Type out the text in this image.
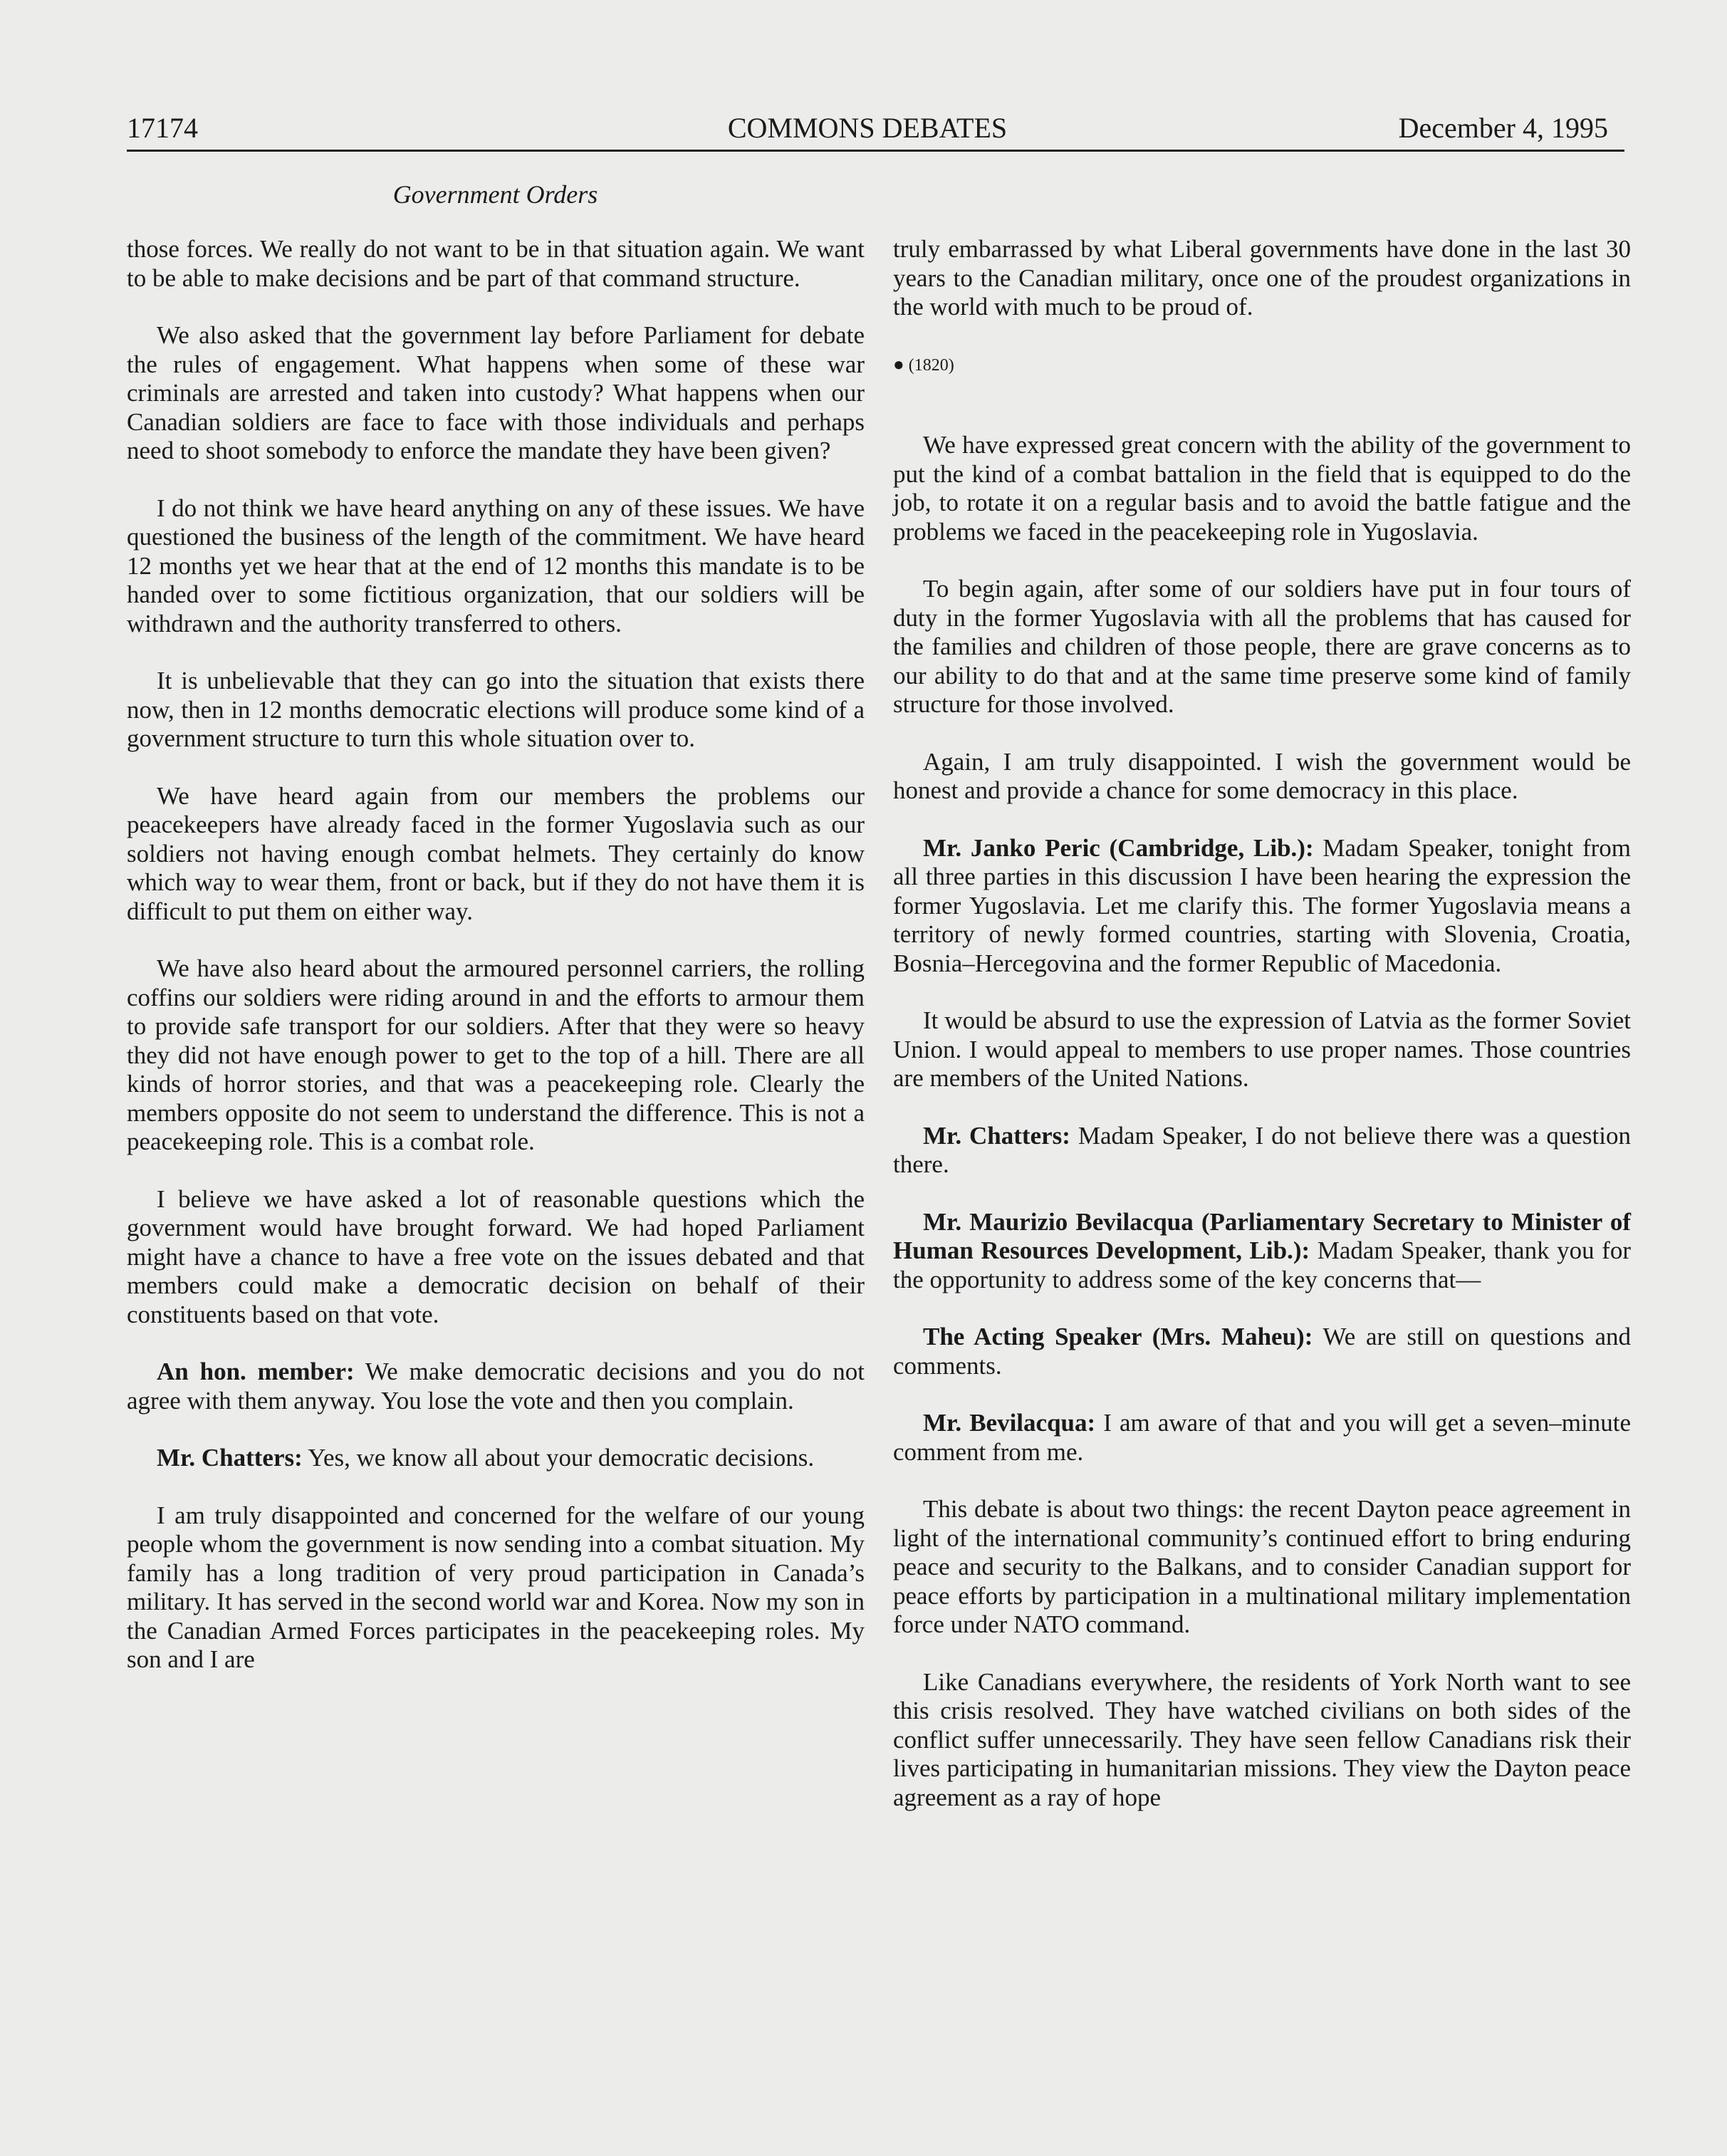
17174	COMMONS DEBATES	December 4, 1995
Government Orders

those forces. We really do not want to be in that situation again. We want to be able to make decisions and be part of that command structure.

We also asked that the government lay before Parliament for debate the rules of engagement. What happens when some of these war criminals are arrested and taken into custody? What happens when our Canadian soldiers are face to face with those individuals and perhaps need to shoot somebody to enforce the mandate they have been given?

I do not think we have heard anything on any of these issues. We have questioned the business of the length of the commitment. We have heard 12 months yet we hear that at the end of 12 months this mandate is to be handed over to some fictitious organization, that our soldiers will be withdrawn and the authority transferred to others.

It is unbelievable that they can go into the situation that exists there now, then in 12 months democratic elections will produce some kind of a government structure to turn this whole situation over to.

We have heard again from our members the problems our peacekeepers have already faced in the former Yugoslavia such as our soldiers not having enough combat helmets. They certainly do know which way to wear them, front or back, but if they do not have them it is difficult to put them on either way.

We have also heard about the armoured personnel carriers, the rolling coffins our soldiers were riding around in and the efforts to armour them to provide safe transport for our soldiers. After that they were so heavy they did not have enough power to get to the top of a hill. There are all kinds of horror stories, and that was a peacekeeping role. Clearly the members opposite do not seem to understand the difference. This is not a peacekeeping role. This is a combat role.

I believe we have asked a lot of reasonable questions which the government would have brought forward. We had hoped Parliament might have a chance to have a free vote on the issues debated and that members could make a democratic decision on behalf of their constituents based on that vote.

An hon. member: We make democratic decisions and you do not agree with them anyway. You lose the vote and then you complain.

Mr. Chatters: Yes, we know all about your democratic decisions.

I am truly disappointed and concerned for the welfare of our young people whom the government is now sending into a combat situation. My family has a long tradition of very proud participation in Canada’s military. It has served in the second world war and Korea. Now my son in the Canadian Armed Forces participates in the peacekeeping roles. My son and I are

truly embarrassed by what Liberal governments have done in the last 30 years to the Canadian military, once one of the proudest organizations in the world with much to be proud of.

● (1820)

We have expressed great concern with the ability of the government to put the kind of a combat battalion in the field that is equipped to do the job, to rotate it on a regular basis and to avoid the battle fatigue and the problems we faced in the peacekeeping role in Yugoslavia.

To begin again, after some of our soldiers have put in four tours of duty in the former Yugoslavia with all the problems that has caused for the families and children of those people, there are grave concerns as to our ability to do that and at the same time preserve some kind of family structure for those involved.

Again, I am truly disappointed. I wish the government would be honest and provide a chance for some democracy in this place.

Mr. Janko Peric (Cambridge, Lib.): Madam Speaker, tonight from all three parties in this discussion I have been hearing the expression the former Yugoslavia. Let me clarify this. The former Yugoslavia means a territory of newly formed countries, starting with Slovenia, Croatia, Bosnia–Hercegovina and the former Republic of Macedonia.

It would be absurd to use the expression of Latvia as the former Soviet Union. I would appeal to members to use proper names. Those countries are members of the United Nations.

Mr. Chatters: Madam Speaker, I do not believe there was a question there.

Mr. Maurizio Bevilacqua (Parliamentary Secretary to Minister of Human Resources Development, Lib.): Madam Speaker, thank you for the opportunity to address some of the key concerns that—

The Acting Speaker (Mrs. Maheu): We are still on questions and comments.

Mr. Bevilacqua: I am aware of that and you will get a seven–minute comment from me.

This debate is about two things: the recent Dayton peace agreement in light of the international community’s continued effort to bring enduring peace and security to the Balkans, and to consider Canadian support for peace efforts by participation in a multinational military implementation force under NATO command.

Like Canadians everywhere, the residents of York North want to see this crisis resolved. They have watched civilians on both sides of the conflict suffer unnecessarily. They have seen fellow Canadians risk their lives participating in humanitarian missions. They view the Dayton peace agreement as a ray of hope
